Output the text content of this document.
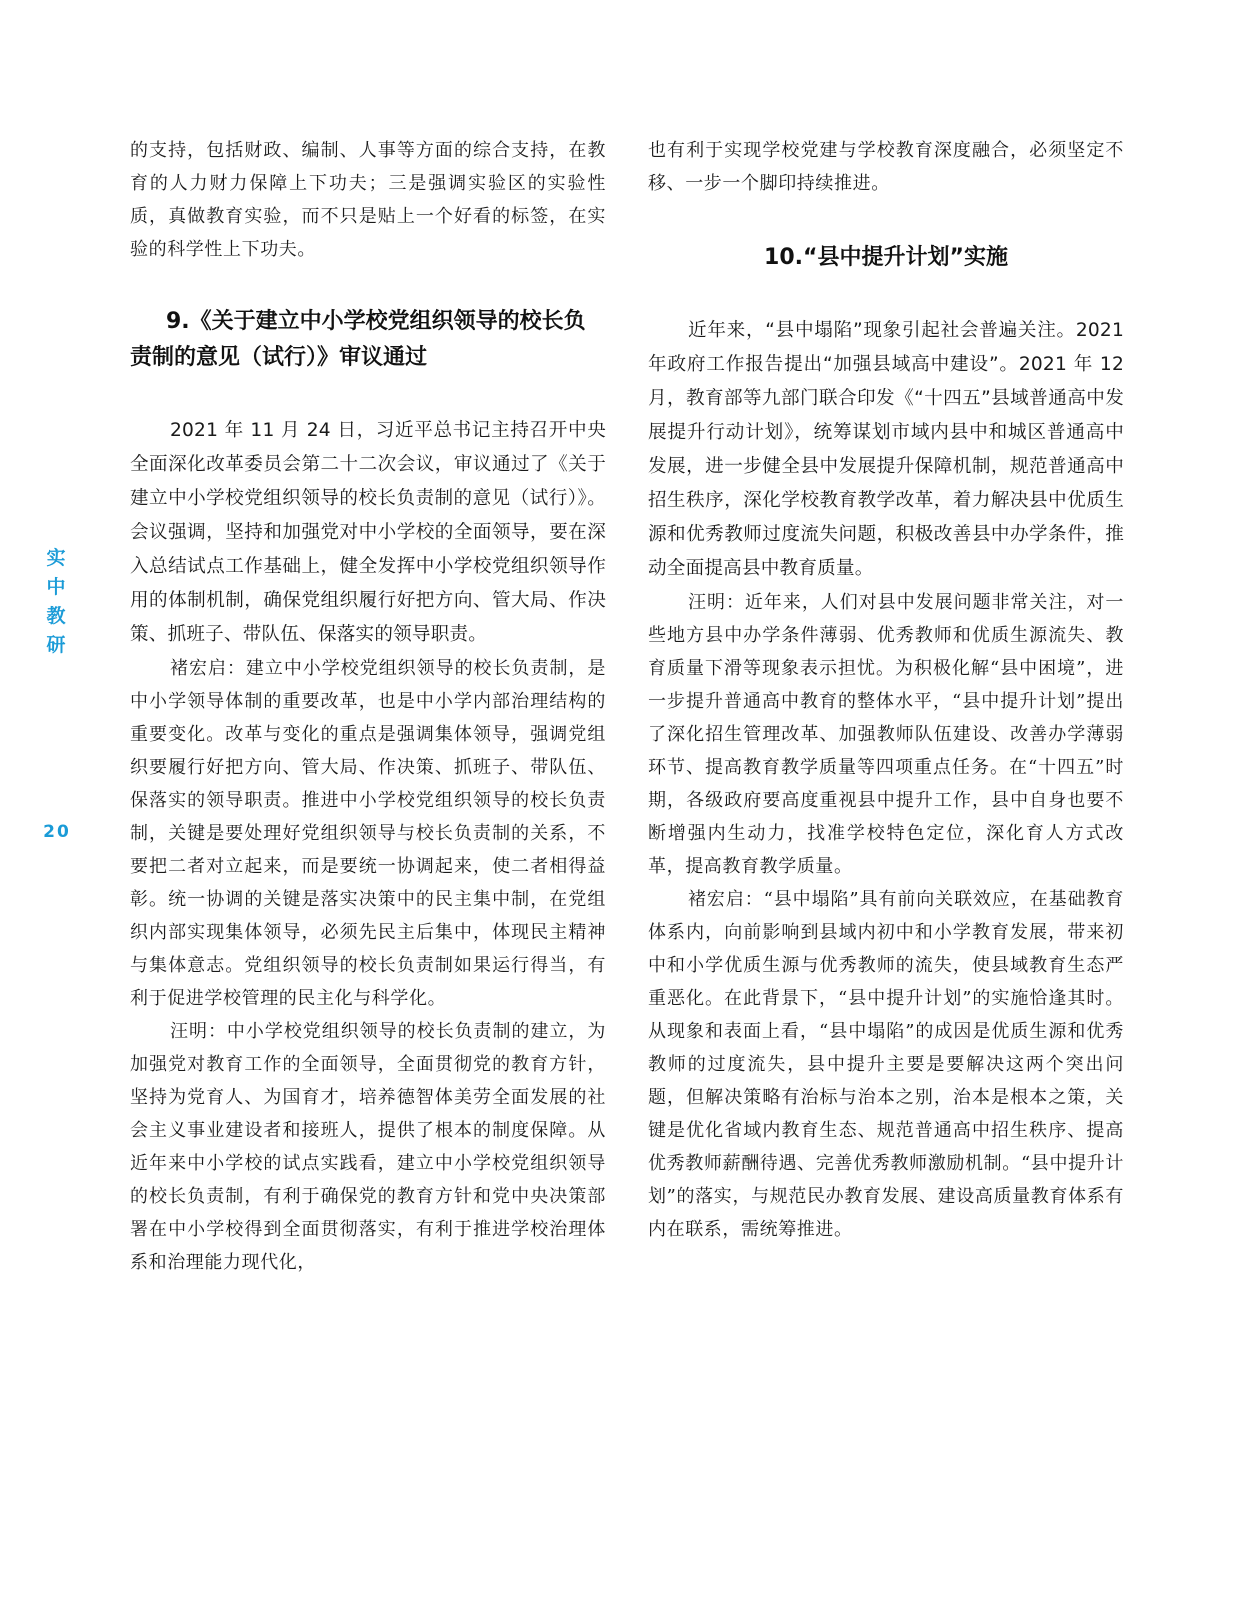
实
中
教
研
20

的支持，包括财政、编制、人事等方面的综合支持，在教育的人力财力保障上下功夫；三是强调实验区的实验性质，真做教育实验，而不只是贴上一个好看的标签，在实验的科学性上下功夫。

9.《关于建立中小学校党组织领导的校长负责制的意见（试行）》审议通过

2021 年 11 月 24 日，习近平总书记主持召开中央全面深化改革委员会第二十二次会议，审议通过了《关于建立中小学校党组织领导的校长负责制的意见（试行）》。会议强调，坚持和加强党对中小学校的全面领导，要在深入总结试点工作基础上，健全发挥中小学校党组织领导作用的体制机制，确保党组织履行好把方向、管大局、作决策、抓班子、带队伍、保落实的领导职责。

褚宏启：建立中小学校党组织领导的校长负责制，是中小学领导体制的重要改革，也是中小学内部治理结构的重要变化。改革与变化的重点是强调集体领导，强调党组织要履行好把方向、管大局、作决策、抓班子、带队伍、保落实的领导职责。推进中小学校党组织领导的校长负责制，关键是要处理好党组织领导与校长负责制的关系，不要把二者对立起来，而是要统一协调起来，使二者相得益彰。统一协调的关键是落实决策中的民主集中制，在党组织内部实现集体领导，必须先民主后集中，体现民主精神与集体意志。党组织领导的校长负责制如果运行得当，有利于促进学校管理的民主化与科学化。

汪明：中小学校党组织领导的校长负责制的建立，为加强党对教育工作的全面领导，全面贯彻党的教育方针，坚持为党育人、为国育才，培养德智体美劳全面发展的社会主义事业建设者和接班人，提供了根本的制度保障。从近年来中小学校的试点实践看，建立中小学校党组织领导的校长负责制，有利于确保党的教育方针和党中央决策部署在中小学校得到全面贯彻落实，有利于推进学校治理体系和治理能力现代化，

也有利于实现学校党建与学校教育深度融合，必须坚定不移、一步一个脚印持续推进。

10.“县中提升计划”实施

近年来，“县中塌陷”现象引起社会普遍关注。2021 年政府工作报告提出“加强县域高中建设”。2021 年 12 月，教育部等九部门联合印发《“十四五”县域普通高中发展提升行动计划》，统筹谋划市域内县中和城区普通高中发展，进一步健全县中发展提升保障机制，规范普通高中招生秩序，深化学校教育教学改革，着力解决县中优质生源和优秀教师过度流失问题，积极改善县中办学条件，推动全面提高县中教育质量。

汪明：近年来，人们对县中发展问题非常关注，对一些地方县中办学条件薄弱、优秀教师和优质生源流失、教育质量下滑等现象表示担忧。为积极化解“县中困境”，进一步提升普通高中教育的整体水平，“县中提升计划”提出了深化招生管理改革、加强教师队伍建设、改善办学薄弱环节、提高教育教学质量等四项重点任务。在“十四五”时期，各级政府要高度重视县中提升工作，县中自身也要不断增强内生动力，找准学校特色定位，深化育人方式改革，提高教育教学质量。

褚宏启：“县中塌陷”具有前向关联效应，在基础教育体系内，向前影响到县域内初中和小学教育发展，带来初中和小学优质生源与优秀教师的流失，使县域教育生态严重恶化。在此背景下，“县中提升计划”的实施恰逢其时。从现象和表面上看，“县中塌陷”的成因是优质生源和优秀教师的过度流失，县中提升主要是要解决这两个突出问题，但解决策略有治标与治本之别，治本是根本之策，关键是优化省域内教育生态、规范普通高中招生秩序、提高优秀教师薪酬待遇、完善优秀教师激励机制。“县中提升计划”的落实，与规范民办教育发展、建设高质量教育体系有内在联系，需统筹推进。
